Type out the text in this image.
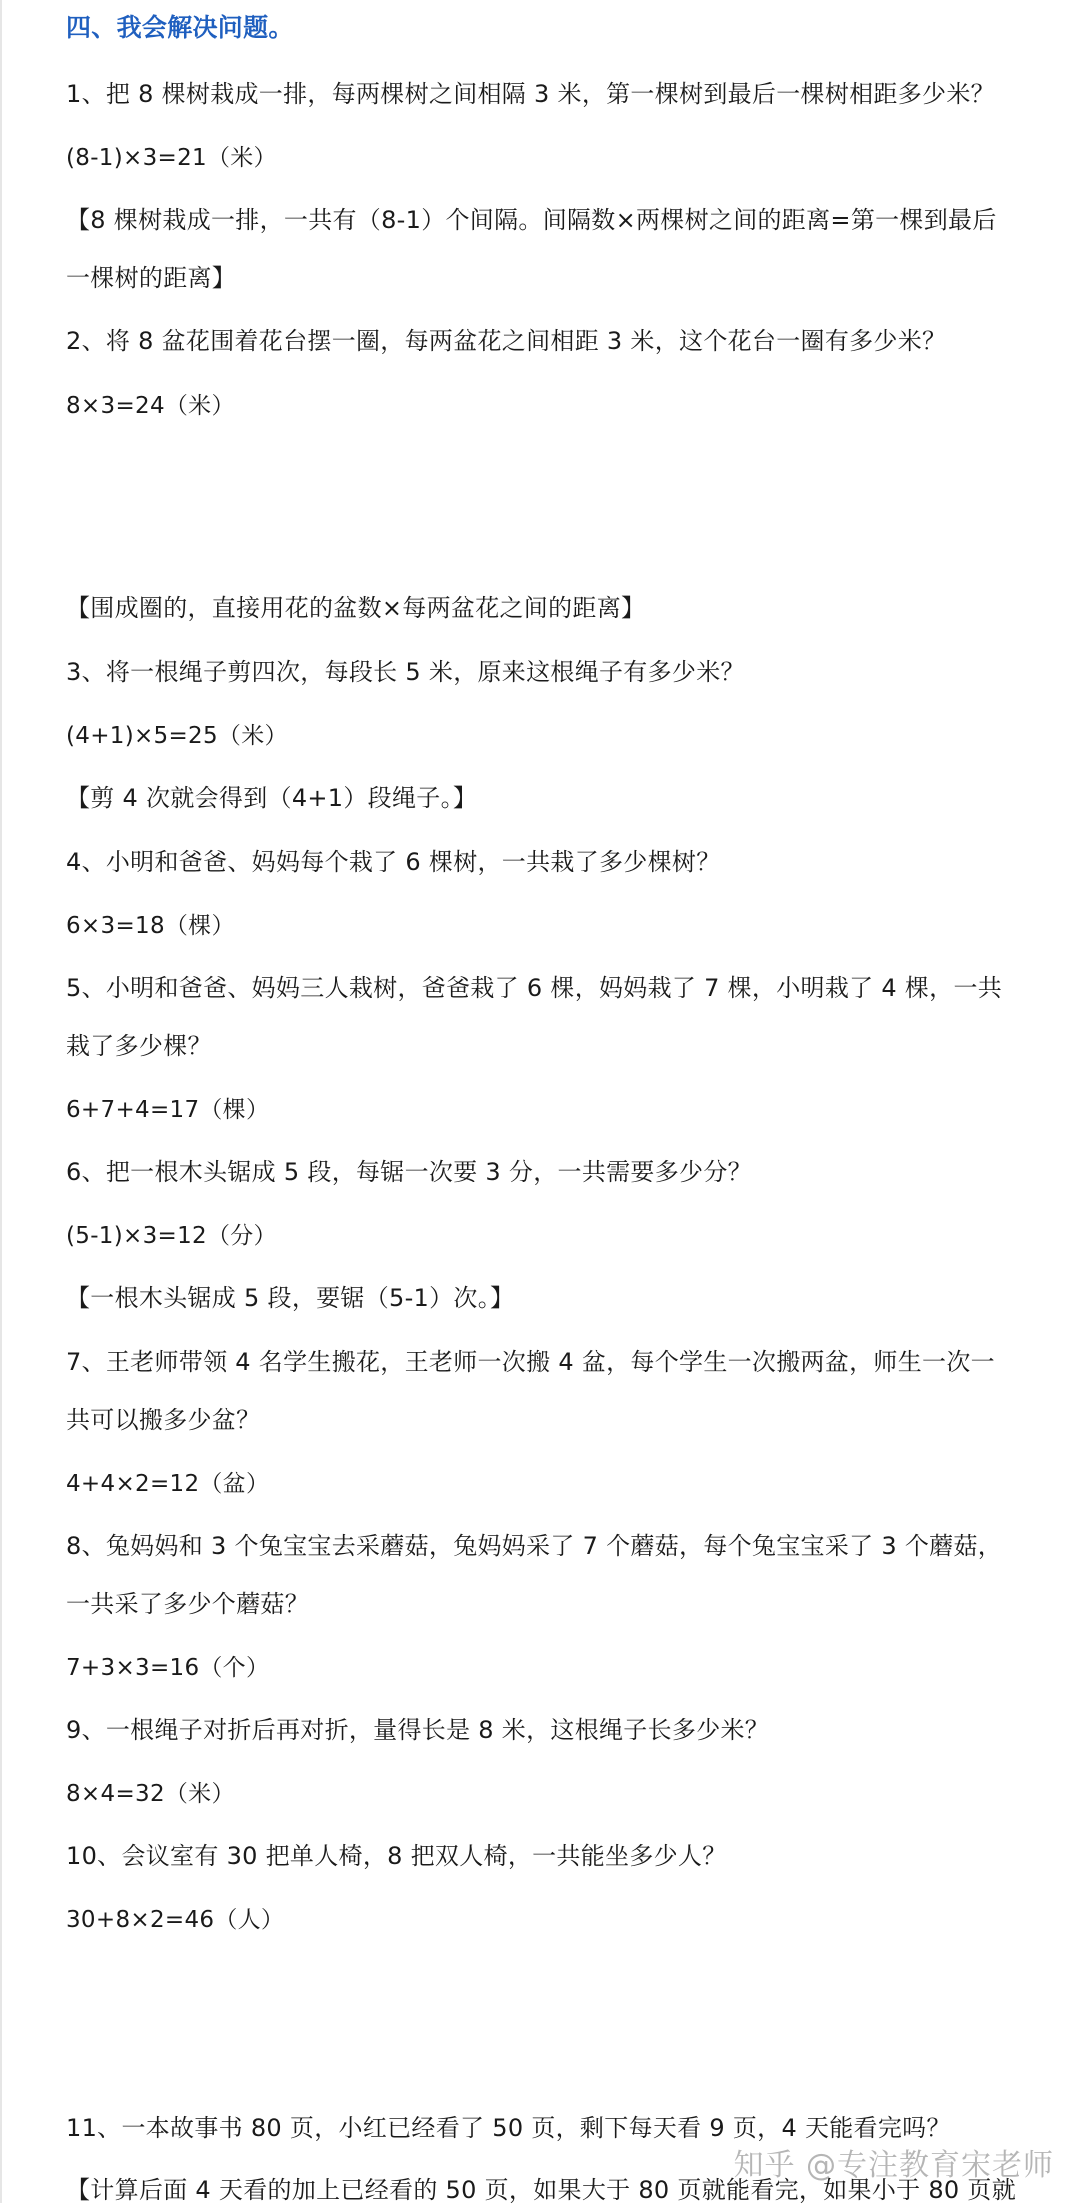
四、我会解决问题。
1、把 8 棵树栽成一排，每两棵树之间相隔 3 米，第一棵树到最后一棵树相距多少米？
(8-1)×3=21（米）
【8 棵树栽成一排，一共有（8-1）个间隔。间隔数×两棵树之间的距离=第一棵到最后
一棵树的距离】
2、将 8 盆花围着花台摆一圈，每两盆花之间相距 3 米，这个花台一圈有多少米？
8×3=24（米）
【围成圈的，直接用花的盆数×每两盆花之间的距离】
3、将一根绳子剪四次，每段长 5 米，原来这根绳子有多少米？
(4+1)×5=25（米）
【剪 4 次就会得到（4+1）段绳子。】
4、小明和爸爸、妈妈每个栽了 6 棵树，一共栽了多少棵树？
6×3=18（棵）
5、小明和爸爸、妈妈三人栽树，爸爸栽了 6 棵，妈妈栽了 7 棵，小明栽了 4 棵，一共
栽了多少棵？
6+7+4=17（棵）
6、把一根木头锯成 5 段，每锯一次要 3 分，一共需要多少分？
(5-1)×3=12（分）
【一根木头锯成 5 段，要锯（5-1）次。】
7、王老师带领 4 名学生搬花，王老师一次搬 4 盆，每个学生一次搬两盆，师生一次一
共可以搬多少盆？
4+4×2=12（盆）
8、兔妈妈和 3 个兔宝宝去采蘑菇，兔妈妈采了 7 个蘑菇，每个兔宝宝采了 3 个蘑菇，
一共采了多少个蘑菇？
7+3×3=16（个）
9、一根绳子对折后再对折，量得长是 8 米，这根绳子长多少米？
8×4=32（米）
10、会议室有 30 把单人椅，8 把双人椅，一共能坐多少人？
30+8×2=46（人）
11、一本故事书 80 页，小红已经看了 50 页，剩下每天看 9 页，4 天能看完吗？
【计算后面 4 天看的加上已经看的 50 页，如果大于 80 页就能看完，如果小于 80 页就
知乎 @专注教育宋老师
